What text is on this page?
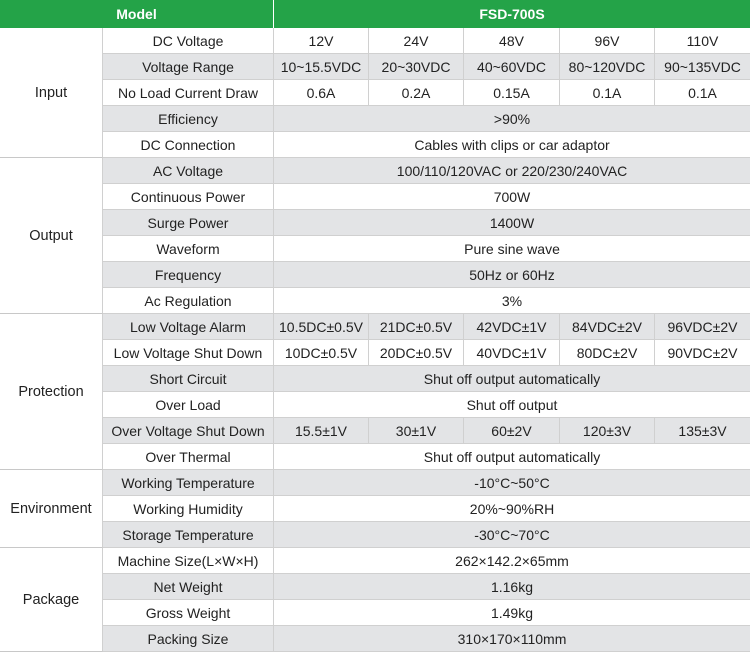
Model	FSD-700S
Input
DC Voltage	12V	24V	48V	96V	110V
Voltage Range	10~15.5VDC	20~30VDC	40~60VDC	80~120VDC	90~135VDC
No Load Current Draw	0.6A	0.2A	0.15A	0.1A	0.1A
Efficiency	>90%
DC Connection	Cables with clips or car adaptor
Output
AC Voltage	100/110/120VAC or 220/230/240VAC
Continuous Power	700W
Surge Power	1400W
Waveform	Pure sine wave
Frequency	50Hz or 60Hz
Ac Regulation	3%
Protection
Low Voltage Alarm	10.5DC±0.5V	21DC±0.5V	42VDC±1V	84VDC±2V	96VDC±2V
Low Voltage Shut Down	10DC±0.5V	20DC±0.5V	40VDC±1V	80DC±2V	90VDC±2V
Short Circuit	Shut off output automatically
Over Load	Shut off output
Over Voltage Shut Down	15.5±1V	30±1V	60±2V	120±3V	135±3V
Over Thermal	Shut off output automatically
Environment
Working Temperature	-10°C~50°C
Working Humidity	20%~90%RH
Storage Temperature	-30°C~70°C
Package
Machine Size(L×W×H)	262×142.2×65mm
Net Weight	1.16kg
Gross Weight	1.49kg
Packing Size	310×170×110mm
